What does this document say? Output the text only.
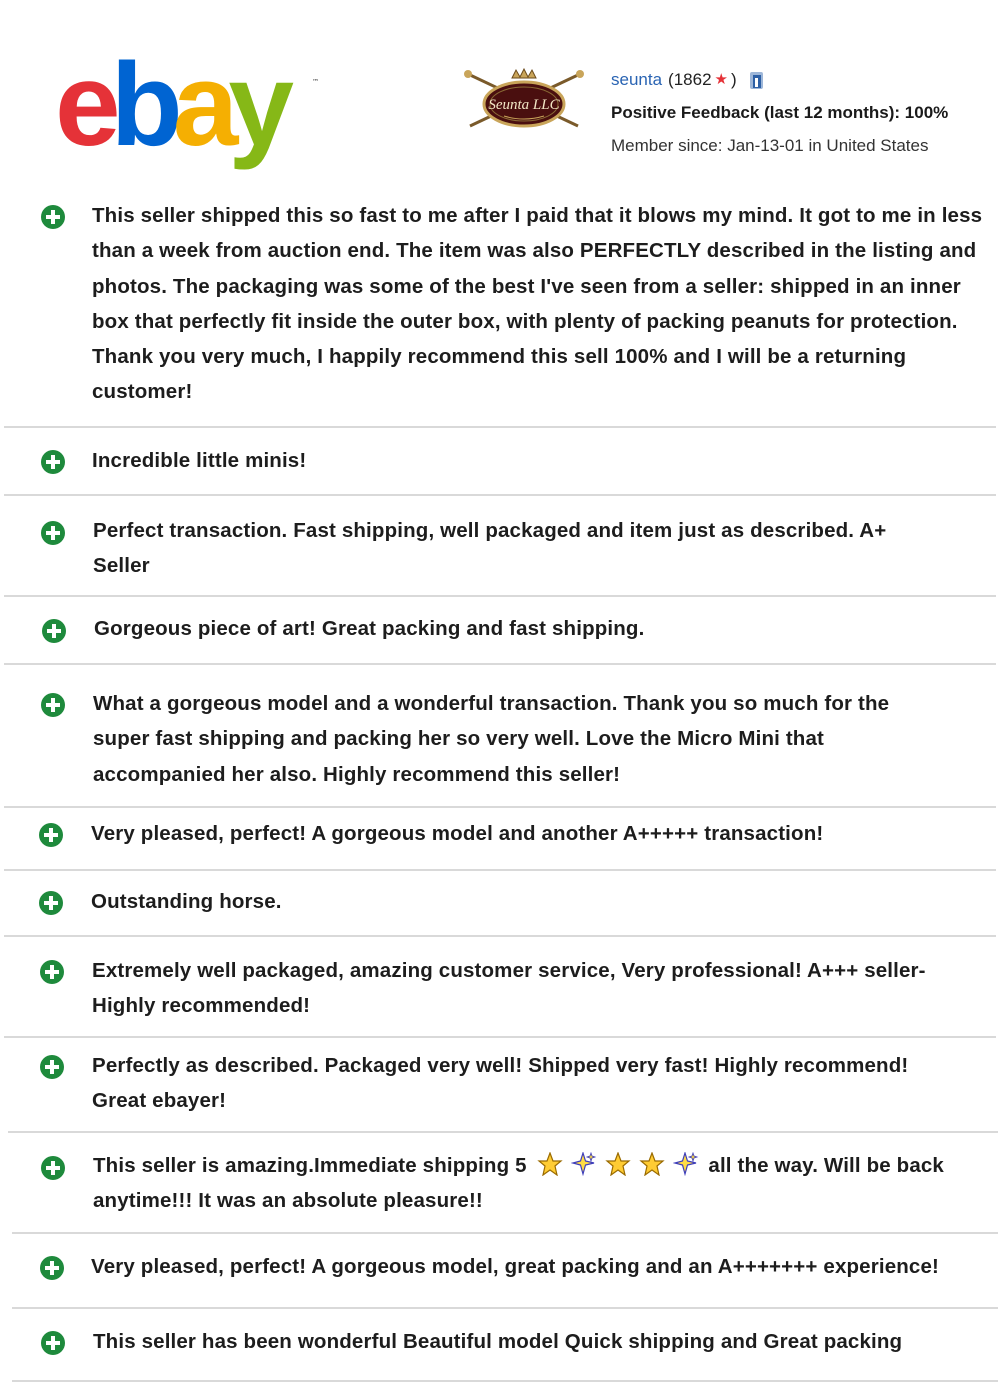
ebay	™
Seunta LLC
seunta (1862 ★ )
Positive Feedback (last 12 months): 100%
Member since: Jan-13-01 in United States
This seller shipped this so fast to me after I paid that it blows my mind. It got to me in less than a week from auction end. The item was also PERFECTLY described in the listing and photos. The packaging was some of the best I've seen from a seller: shipped in an inner box that perfectly fit inside the outer box, with plenty of packing peanuts for protection. Thank you very much, I happily recommend this sell 100% and I will be a returning customer!
Incredible little minis!
Perfect transaction. Fast shipping, well packaged and item just as described. A+ Seller
Gorgeous piece of art! Great packing and fast shipping.
What a gorgeous model and a wonderful transaction. Thank you so much for the super fast shipping and packing her so very well. Love the Micro Mini that accompanied her also. Highly recommend this seller!
Very pleased, perfect! A gorgeous model and another A+++++ transaction!
Outstanding horse.
Extremely well packaged, amazing customer service, Very professional! A+++ seller- Highly recommended!
Perfectly as described. Packaged very well! Shipped very fast! Highly recommend! Great ebayer!
This seller is amazing.Immediate shipping 5	all the way. Will be back anytime!!! It was an absolute pleasure!!
Very pleased, perfect! A gorgeous model, great packing and an A+++++++ experience!
This seller has been wonderful Beautiful model Quick shipping and Great packing
